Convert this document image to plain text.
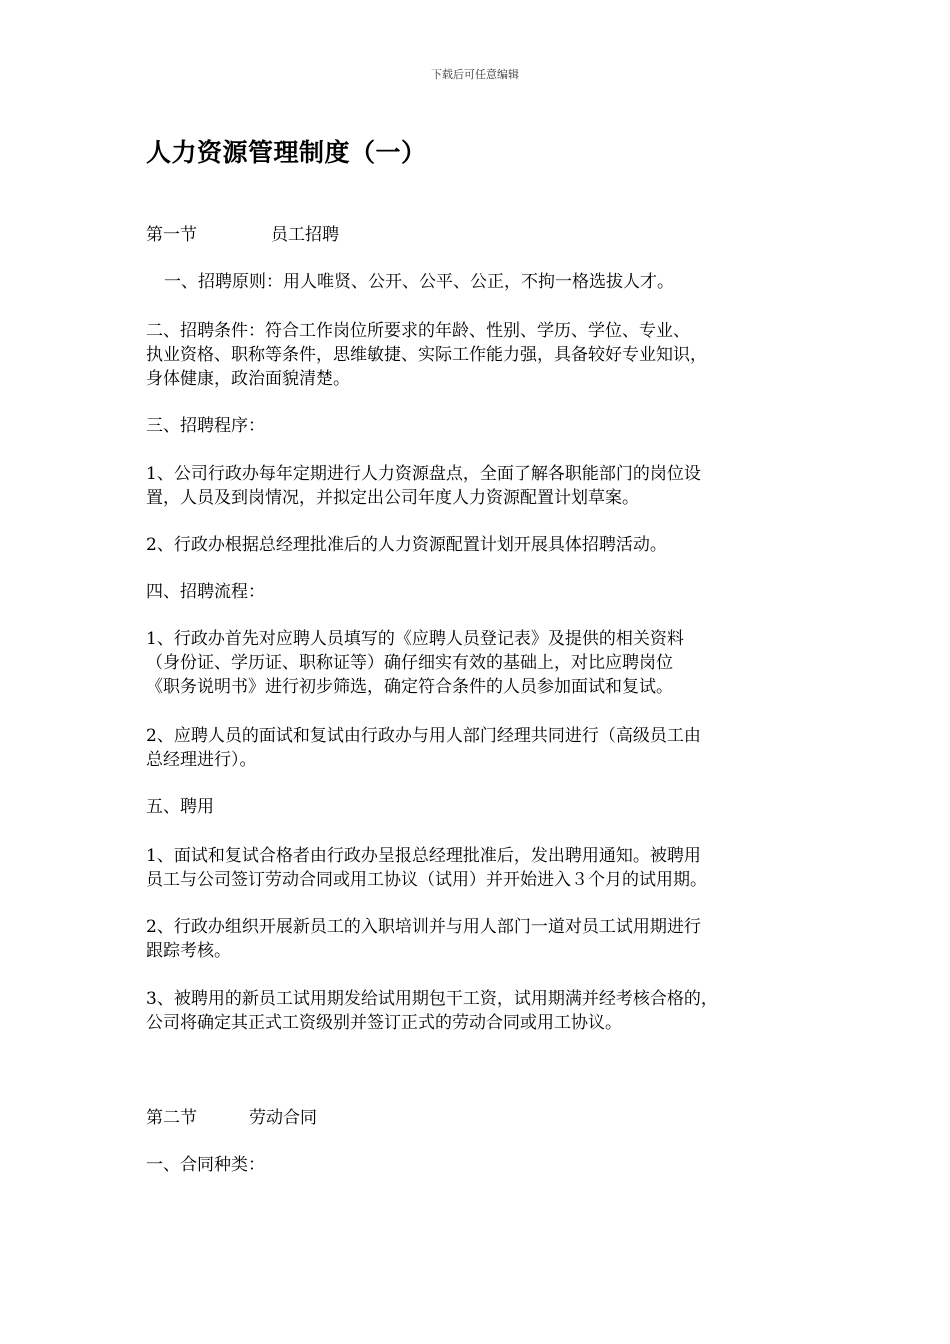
下载后可任意编辑
人力资源管理制度（一）
第一节	员工招聘
一、招聘原则：用人唯贤、公开、公平、公正，不拘一格选拔人才。
二、招聘条件：符合工作岗位所要求的年龄、性别、学历、学位、专业、
执业资格、职称等条件，思维敏捷、实际工作能力强，具备较好专业知识，
身体健康，政治面貌清楚。
三、招聘程序：
1、公司行政办每年定期进行人力资源盘点，全面了解各职能部门的岗位设
置，人员及到岗情况，并拟定出公司年度人力资源配置计划草案。
2、行政办根据总经理批准后的人力资源配置计划开展具体招聘活动。
四、招聘流程：
1、行政办首先对应聘人员填写的《应聘人员登记表》及提供的相关资料
（身份证、学历证、职称证等）确仔细实有效的基础上，对比应聘岗位
《职务说明书》进行初步筛选，确定符合条件的人员参加面试和复试。
2、应聘人员的面试和复试由行政办与用人部门经理共同进行（高级员工由
总经理进行）。
五、聘用
1、面试和复试合格者由行政办呈报总经理批准后，发出聘用通知。被聘用
员工与公司签订劳动合同或用工协议（试用）并开始进入３个月的试用期。
2、行政办组织开展新员工的入职培训并与用人部门一道对员工试用期进行
跟踪考核。
3、被聘用的新员工试用期发给试用期包干工资，试用期满并经考核合格的，
公司将确定其正式工资级别并签订正式的劳动合同或用工协议。
第二节	劳动合同
一、合同种类：
